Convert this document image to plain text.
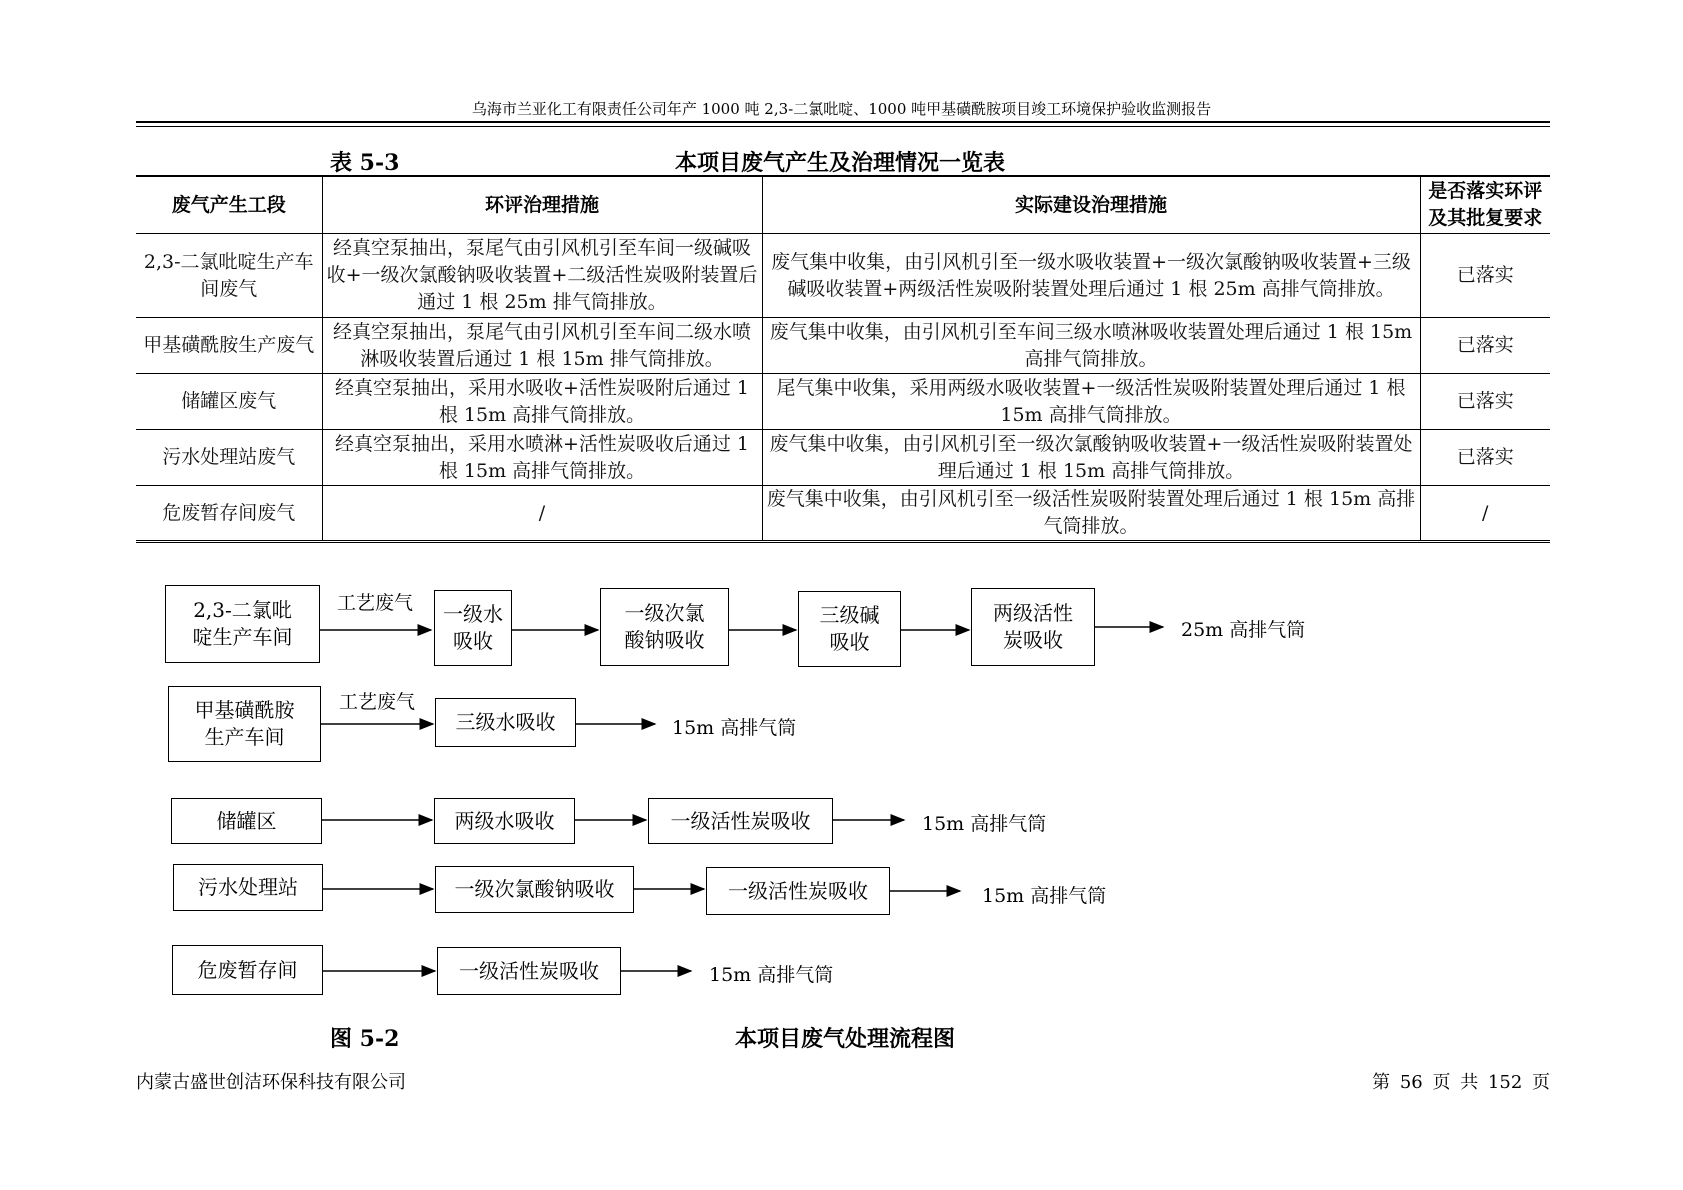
乌海市兰亚化工有限责任公司年产 1000 吨 2,3-二氯吡啶、1000 吨甲基磺酰胺项目竣工环境保护验收监测报告
表 5-3	本项目废气产生及治理情况一览表
废气产生工段	环评治理措施	实际建设治理措施	是否落实环评及其批复要求
2,3-二氯吡啶生产车间废气	经真空泵抽出，泵尾气由引风机引至车间一级碱吸收+一级次氯酸钠吸收装置+二级活性炭吸附装置后通过 1 根 25m 排气筒排放。	废气集中收集，由引风机引至一级水吸收装置+一级次氯酸钠吸收装置+三级碱吸收装置+两级活性炭吸附装置处理后通过 1 根 25m 高排气筒排放。	已落实
甲基磺酰胺生产废气	经真空泵抽出，泵尾气由引风机引至车间二级水喷淋吸收装置后通过 1 根 15m 排气筒排放。	废气集中收集，由引风机引至车间三级水喷淋吸收装置处理后通过 1 根 15m 高排气筒排放。	已落实
储罐区废气	经真空泵抽出，采用水吸收+活性炭吸附后通过 1 根 15m 高排气筒排放。	尾气集中收集，采用两级水吸收装置+一级活性炭吸附装置处理后通过 1 根 15m 高排气筒排放。	已落实
污水处理站废气	经真空泵抽出，采用水喷淋+活性炭吸收后通过 1 根 15m 高排气筒排放。	废气集中收集，由引风机引至一级次氯酸钠吸收装置+一级活性炭吸附装置处理后通过 1 根 15m 高排气筒排放。	已落实
危废暂存间废气	/	废气集中收集，由引风机引至一级活性炭吸附装置处理后通过 1 根 15m 高排气筒排放。	/
2,3-二氯吡啶生产车间
工艺废气 一级水吸收
一级次氯酸钠吸收
三级碱吸收
两级活性炭吸收	25m 高排气筒
甲基磺酰胺生产车间
工艺废气
三级水吸收	15m 高排气筒
储罐区	两级水吸收	一级活性炭吸收	15m 高排气筒
污水处理站	一级次氯酸钠吸收	一级活性炭吸收	15m 高排气筒
危废暂存间	一级活性炭吸收	15m 高排气筒
图 5-2	本项目废气处理流程图
内蒙古盛世创洁环保科技有限公司	第 56 页 共 152 页
